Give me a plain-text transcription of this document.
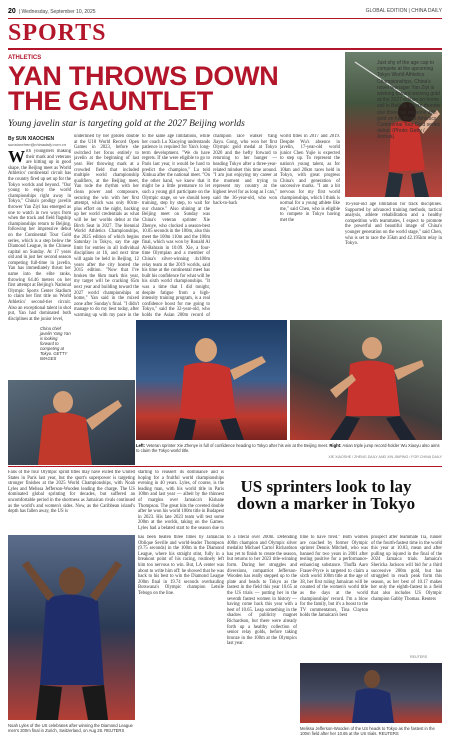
20 | Wednesday, September 10, 2025	GLOBAL EDITION | CHINA DAILY
SPORTS
ATHLETICS
YAN THROWS DOWN THE GAUNTLET
Young javelin star is targeting gold at the 2027 Beijing worlds
By SUN XIAOCHEN
sunxiaochen@chinadaily.com.cn
Just shy of the age cap to compete at the upcoming Tokyo World Athletics Championships, China's novel teenager Yan Ziyi is working toward winning gold at the 2027 edition on home soil in Beijing, where thunder she threw six seasons with gold on her World Athletics Continental Tour Gold series debut. (Photo: Getty / Xinhua)
With youngsters making their mark and veterans are hitting up in good shape, the Beijing meet as World Athletics' continental circuit has the country fired up set up for the Tokyo worlds and beyond. "Our young to enjoy the world championships right away in Tokyo," China's prodigy javelin thrower Yan Ziyi has emerged as one to watch in two ways from when the track and field flagship championships return to Beijing, following her impressive debut on the Continental Tour Gold series, which is a step below the Diamond League, in the Chinese capital on Sunday. At 17 years old and in just her second season competing full-time in javelin, Yan has immediately thrust her name into the elite ranks, throwing 64.46 meters on her first attempt at Beijing's National Olympic Sports Center Stadium to claim her first title on World Athletics' second-tier circuit. Also an exceptional talent in shot put, Yan had dominated both disciplines at the junior level,
underlined by her golden double at the U18 World Record Open Games in 2023, before she switched her focus entirely to javelin at the beginning of last year. Her throwing mark at a crowded field that included multiple world championship qualifiers, at the Beijing meet, Yan rode the rhythm with her clean power and composure, securing the win with her first attempt, which was only 80cm-plus effort on the night, backing up her world credentials as what will be her worlds debut at the Birch Seat in 2027. The biennial World Athletics Championships, the 2025 edition of which begins Saturday in Tokyo, say the age limit for entries in all individual disciplines at 16, and next time will again be held in Beijing, 12 years after the city hosted the 2015 edition. "Now that I've broken the 6km mark this year, my target will be cracking 65m next year and building toward the 2027 world championships at home," Yan said in the mixed zone after Sunday's final. "I didn't manage to do my best today, after warming up with my pace in the
to the same age limitations, while her coach Lu Xiaoying understands patience is required for Yan's long-term development. "We do have regrets. If she were eligible to go to Paris last year, it would be hard to predict the champion," Lu told Xinhua after the national meet. "On the other hand, we know that it might be a little premature to let such a young girl participate on the Olympic stage, so we should keep training, step by step, to wait for our chance." Also shining at the Beijing meet on Sunday was China's veteran sprinter Xie Zhenye, who clocked a season-best 10.05 seconds in the 100m, also this meet the 100m 110m and the 100m final, which was won by Ronald Al Al-Bahrain in 10.09. Xie, a four-time Olympian and a member of China's silver-winning 4x100m relay team at the 2019 worlds, said his time at the continental meet has built his confidence for what will be his sixth world championships. "It was a time that I did tonight, despite fatigue from a high-intensity training program, is a real confidence boost for me going to Tokyo," said the 32-year-old, who holds the Asian 200m record of
champion race walker Yang Jiayu. Gong, who won her first Olympic gold medal at Tokyo 2020 and the hefty forward to returning to her hunger — heading Tokyo after a three-year-related mindset this time around. "I am just enjoying my career at the moment and trying to represent my country at the highest level for as long as I can," said the 36-year-old, who won back-to-back
world titles in 2017 and 2019. Despite Wu's absence in javelin, 17-year-old world junior Chen Yujie is expected to step up. To represent the nation's young talent, as for 10km and 20km races held in Tokyo, with great progress China's and generation of successive marks. "I am a bit nervous for my first world championships, which I think is normal for a young athlete like me," said Chen, who is eligible to compete in Tokyo having met the
China chief javelin Yang Yan is looking forward to competing at Tokyo. GETTY IMAGES
Left: Veteran sprinter Xie Zhenye is full of confidence heading to Tokyo after his win at the Beijing meet. Right: Asian triple jump record-holder Wu Xiaoyu also aims to claim the Tokyo world title.
XIE XIAOSHE / ZHENG DAILY AND XIN JINPING / FOR CHINA DAILY
16-year-old age limitation for track disciplines. Supported by advanced training methods, tactical analysis, athlete rehabilitation and a healthy competition with teammates, I expect to promote the powerful and beautiful image of China's younger generation on the world stage," said Chen, who is set to race the 35km and 42.195km relay in Tokyo.
Fans of the four Olympic sprint titles may have exited the United States in Paris last year, but the sport's superpower is targeting stronger finishes at the 2025 World Championships, with Noah Lyles and Melissa Jefferson-Wooden leading the charge. The US dominated global sprinting for decades, but suffered an uncomfortable period in the shortness as Jamaican rivals continued as the world's and women's sides. Now, as the Caribbean island's depth has fallen away, the US is
starting to reassert its dominance and is hoping for a fruitful world championships evening in 40 years. Lyles, of course, is the leading man, with his world title in Paris 100m and last year — albeit by the thinnest of margins over Jamaica's Kishane Thompson. The great hits the coveted double after he won his world 100m title in Budapest in 2023. His late 2023 team will test some 200m at the worlds, taking on the Games. Lyles had a belated start to the season due to
US sprinters look to lay down a marker in Tokyo
Noah Lyles of the US celebrates after winning the Diamond League men's 200m final in Zurich, Switzerland, on Aug 28. REUTERS
has been beaten three times by Jamaican Oblique Seville and world-leader Thompson (9.75 seconds) in the 100m in the Diamond League, where his straight stint, fully in a breakout point of his racing, routinely left him too nervous to win. But, LA center was about to write him off: he showed that he was back to his best to win the Diamond League 200m final in 19.74 seconds overhauling Botswana's Olympic champion Letsile Tebogo on the line.
to a literal over 200m. Defending 400m champion and Olympic silver medalist Michael Carrol Richardson has yet to finish to create the season, but returns to her 2023 title-winning form. During her struggles and diversions, compatriot Jefferson-Wooden has really stepped up to the plate and heads to Tokyo as the fastest in the field this year 10.65 at the US trials — putting her in the seventh fastest women in history — having come back this year with a best of 10.65. Leap something in the shadow of publicity magnet Richardson, but there were already forth up a healthy collection of senior relay golds, before taking bronze in the 100m at the Olympics last year.
time to have fired." Both women are coached by former Olympic sprinter Dennis Mitchell, who was banned for two years in 2001 after testing positive for a performance-enhancing substance. Thuffa Aaro Fraser-Pryce is targeted to claim a sixth world 100m title at the age of 38, her first ruling Jamaican will be counted of the women's world title as the days at the world championships' record. I'm a blow for the family, but it's a boost to the TV commentators, Tina Clayton holds the Jamaican's best
prospect after teammate Tia, runner of the fourth-fastest time in the world this year at 10.83, mean and after pulling up injured in the final of the 2024 Jamaica trials. Jamaica's Shericka Jackson will bid for a third successive 200m gold, but has struggled to reach peak form this season, as her best of 10.17 makes her only the eighth-fastest in a field that also includes US Olympic champion Gabby Thomas. Reuters
REUTERS
Melissa Jefferson-Wooden of the US heads to Tokyo as the fastest in the 100m field after her 10.65 at the US trials. REUTERS
